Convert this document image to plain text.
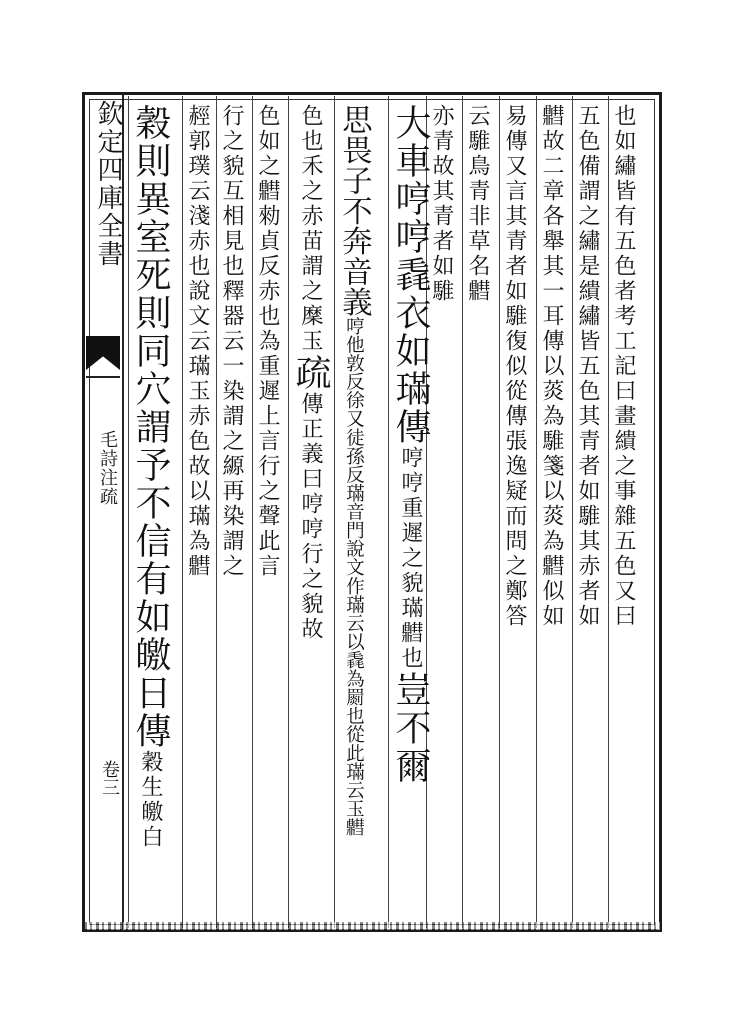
欽定四庫全書
毛詩注疏
卷三
也如繡皆有五色者考工記曰畫繢之事雜五色又曰
五色備謂之繡是繢繡皆五色其青者如騅其赤者如
䵻故二章各舉其一耳傳以菼為騅箋以菼為䵻似如
易傳又言其青者如騅復似從傳張逸疑而問之鄭答
云騅鳥青非草名䵻
亦青故其青者如騅
大車哼哼毳衣如璊傳哼哼重遲之貌璊䵻也豈不爾
思畏子不奔音義哼他敦反徐又徒孫反璊音門說文作璊云以毳為罽也從此璊云玉䵻
色也禾之赤苗謂之穈玉疏傳正義曰哼哼行之貌故
色如之䵻勑貞反赤也為重遲上言行之聲此言
行之貌互相見也釋器云一染謂之縓再染謂之
䞓郭璞云淺赤也說文云璊玉赤色故以璊為䵻
穀則異室死則同穴謂予不信有如皦日傳穀生皦白
